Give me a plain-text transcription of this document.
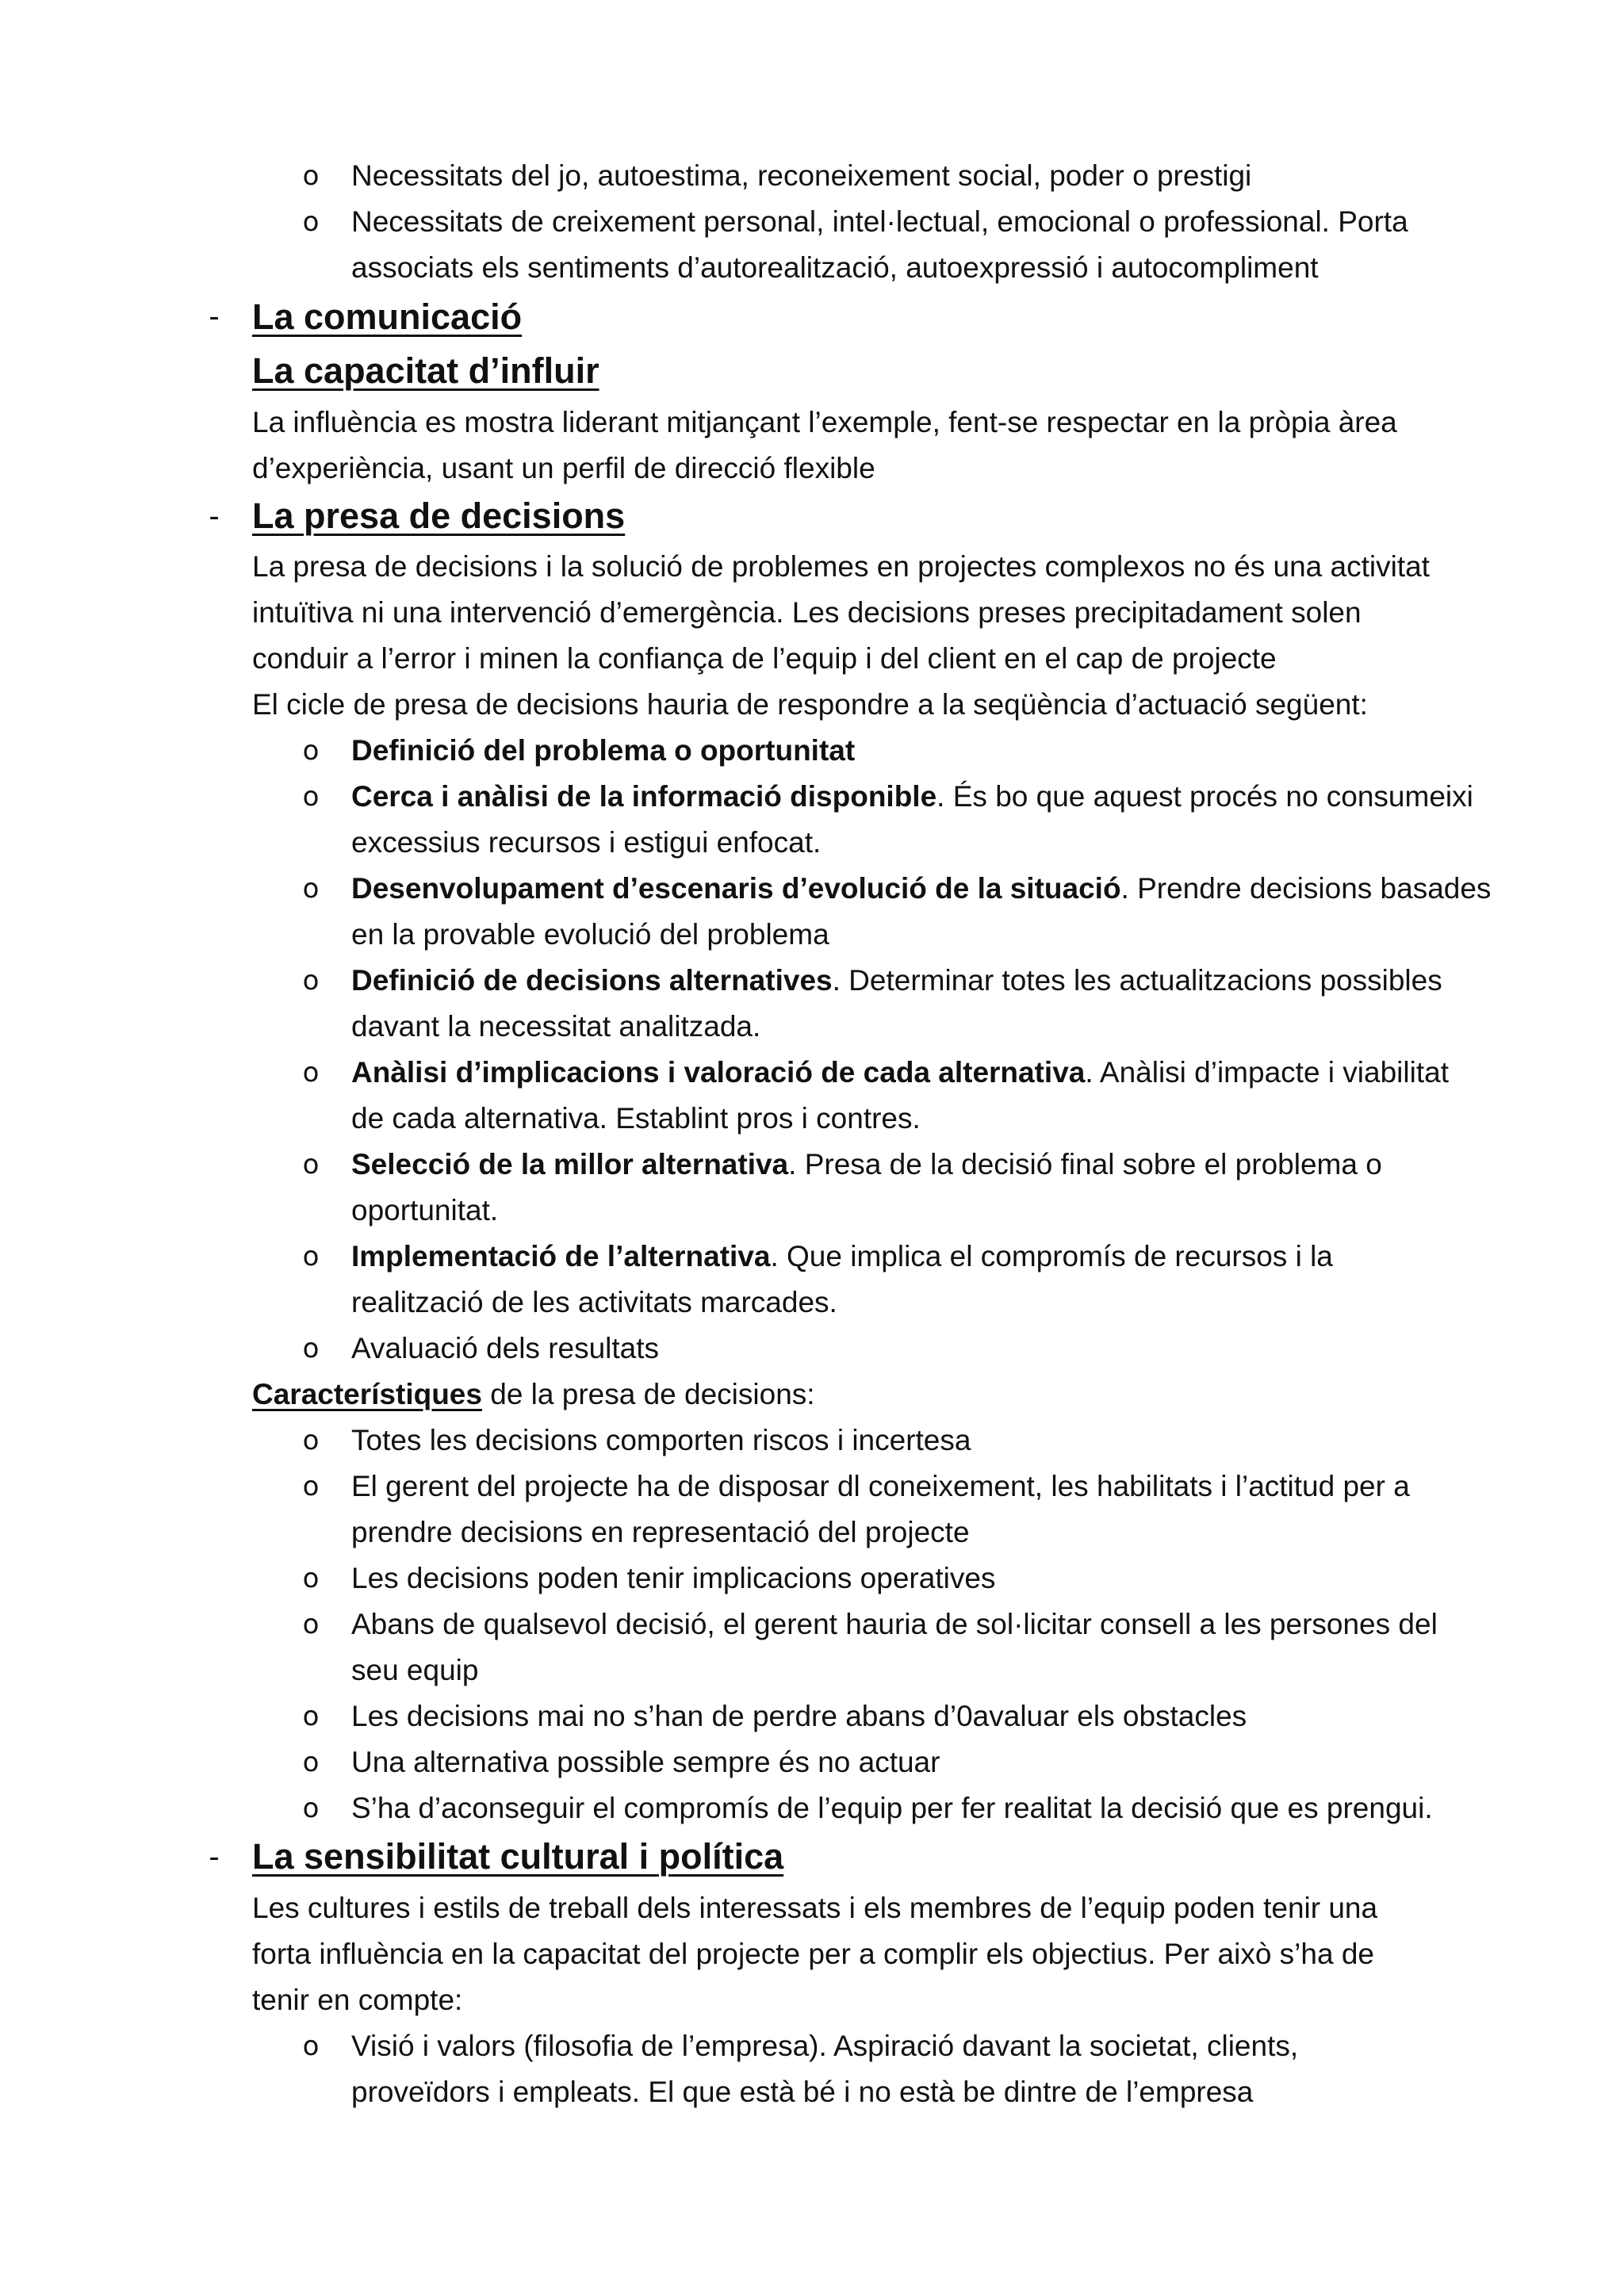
o Necessitats del jo, autoestima, reconeixement social, poder o prestigi
o Necessitats de creixement personal, intel·lectual, emocional o professional. Porta
associats els sentiments d’autorealització, autoexpressió i autocompliment
- La comunicació
La capacitat d’influir
La influència es mostra liderant mitjançant l’exemple, fent-se respectar en la pròpia àrea
d’experiència, usant un perfil de direcció flexible
- La presa de decisions
La presa de decisions i la solució de problemes en projectes complexos no és una activitat
intuïtiva ni una intervenció d’emergència. Les decisions preses precipitadament solen
conduir a l’error i minen la confiança de l’equip i del client en el cap de projecte
El cicle de presa de decisions hauria de respondre a la seqüència d’actuació següent:
o Definició del problema o oportunitat
o Cerca i anàlisi de la informació disponible. És bo que aquest procés no consumeixi
excessius recursos i estigui enfocat.
o Desenvolupament d’escenaris d’evolució de la situació. Prendre decisions basades
en la provable evolució del problema
o Definició de decisions alternatives. Determinar totes les actualitzacions possibles
davant la necessitat analitzada.
o Anàlisi d’implicacions i valoració de cada alternativa. Anàlisi d’impacte i viabilitat
de cada alternativa. Establint pros i contres.
o Selecció de la millor alternativa. Presa de la decisió final sobre el problema o
oportunitat.
o Implementació de l’alternativa. Que implica el compromís de recursos i la
realització de les activitats marcades.
o Avaluació dels resultats
Característiques de la presa de decisions:
o Totes les decisions comporten riscos i incertesa
o El gerent del projecte ha de disposar dl coneixement, les habilitats i l’actitud per a
prendre decisions en representació del projecte
o Les decisions poden tenir implicacions operatives
o Abans de qualsevol decisió, el gerent hauria de sol·licitar consell a les persones del
seu equip
o Les decisions mai no s’han de perdre abans d’0avaluar els obstacles
o Una alternativa possible sempre és no actuar
o S’ha d’aconseguir el compromís de l’equip per fer realitat la decisió que es prengui.
- La sensibilitat cultural i política
Les cultures i estils de treball dels interessats i els membres de l’equip poden tenir una
forta influència en la capacitat del projecte per a complir els objectius. Per això s’ha de
tenir en compte:
o Visió i valors (filosofia de l’empresa). Aspiració davant la societat, clients,
proveïdors i empleats. El que està bé i no està be dintre de l’empresa
